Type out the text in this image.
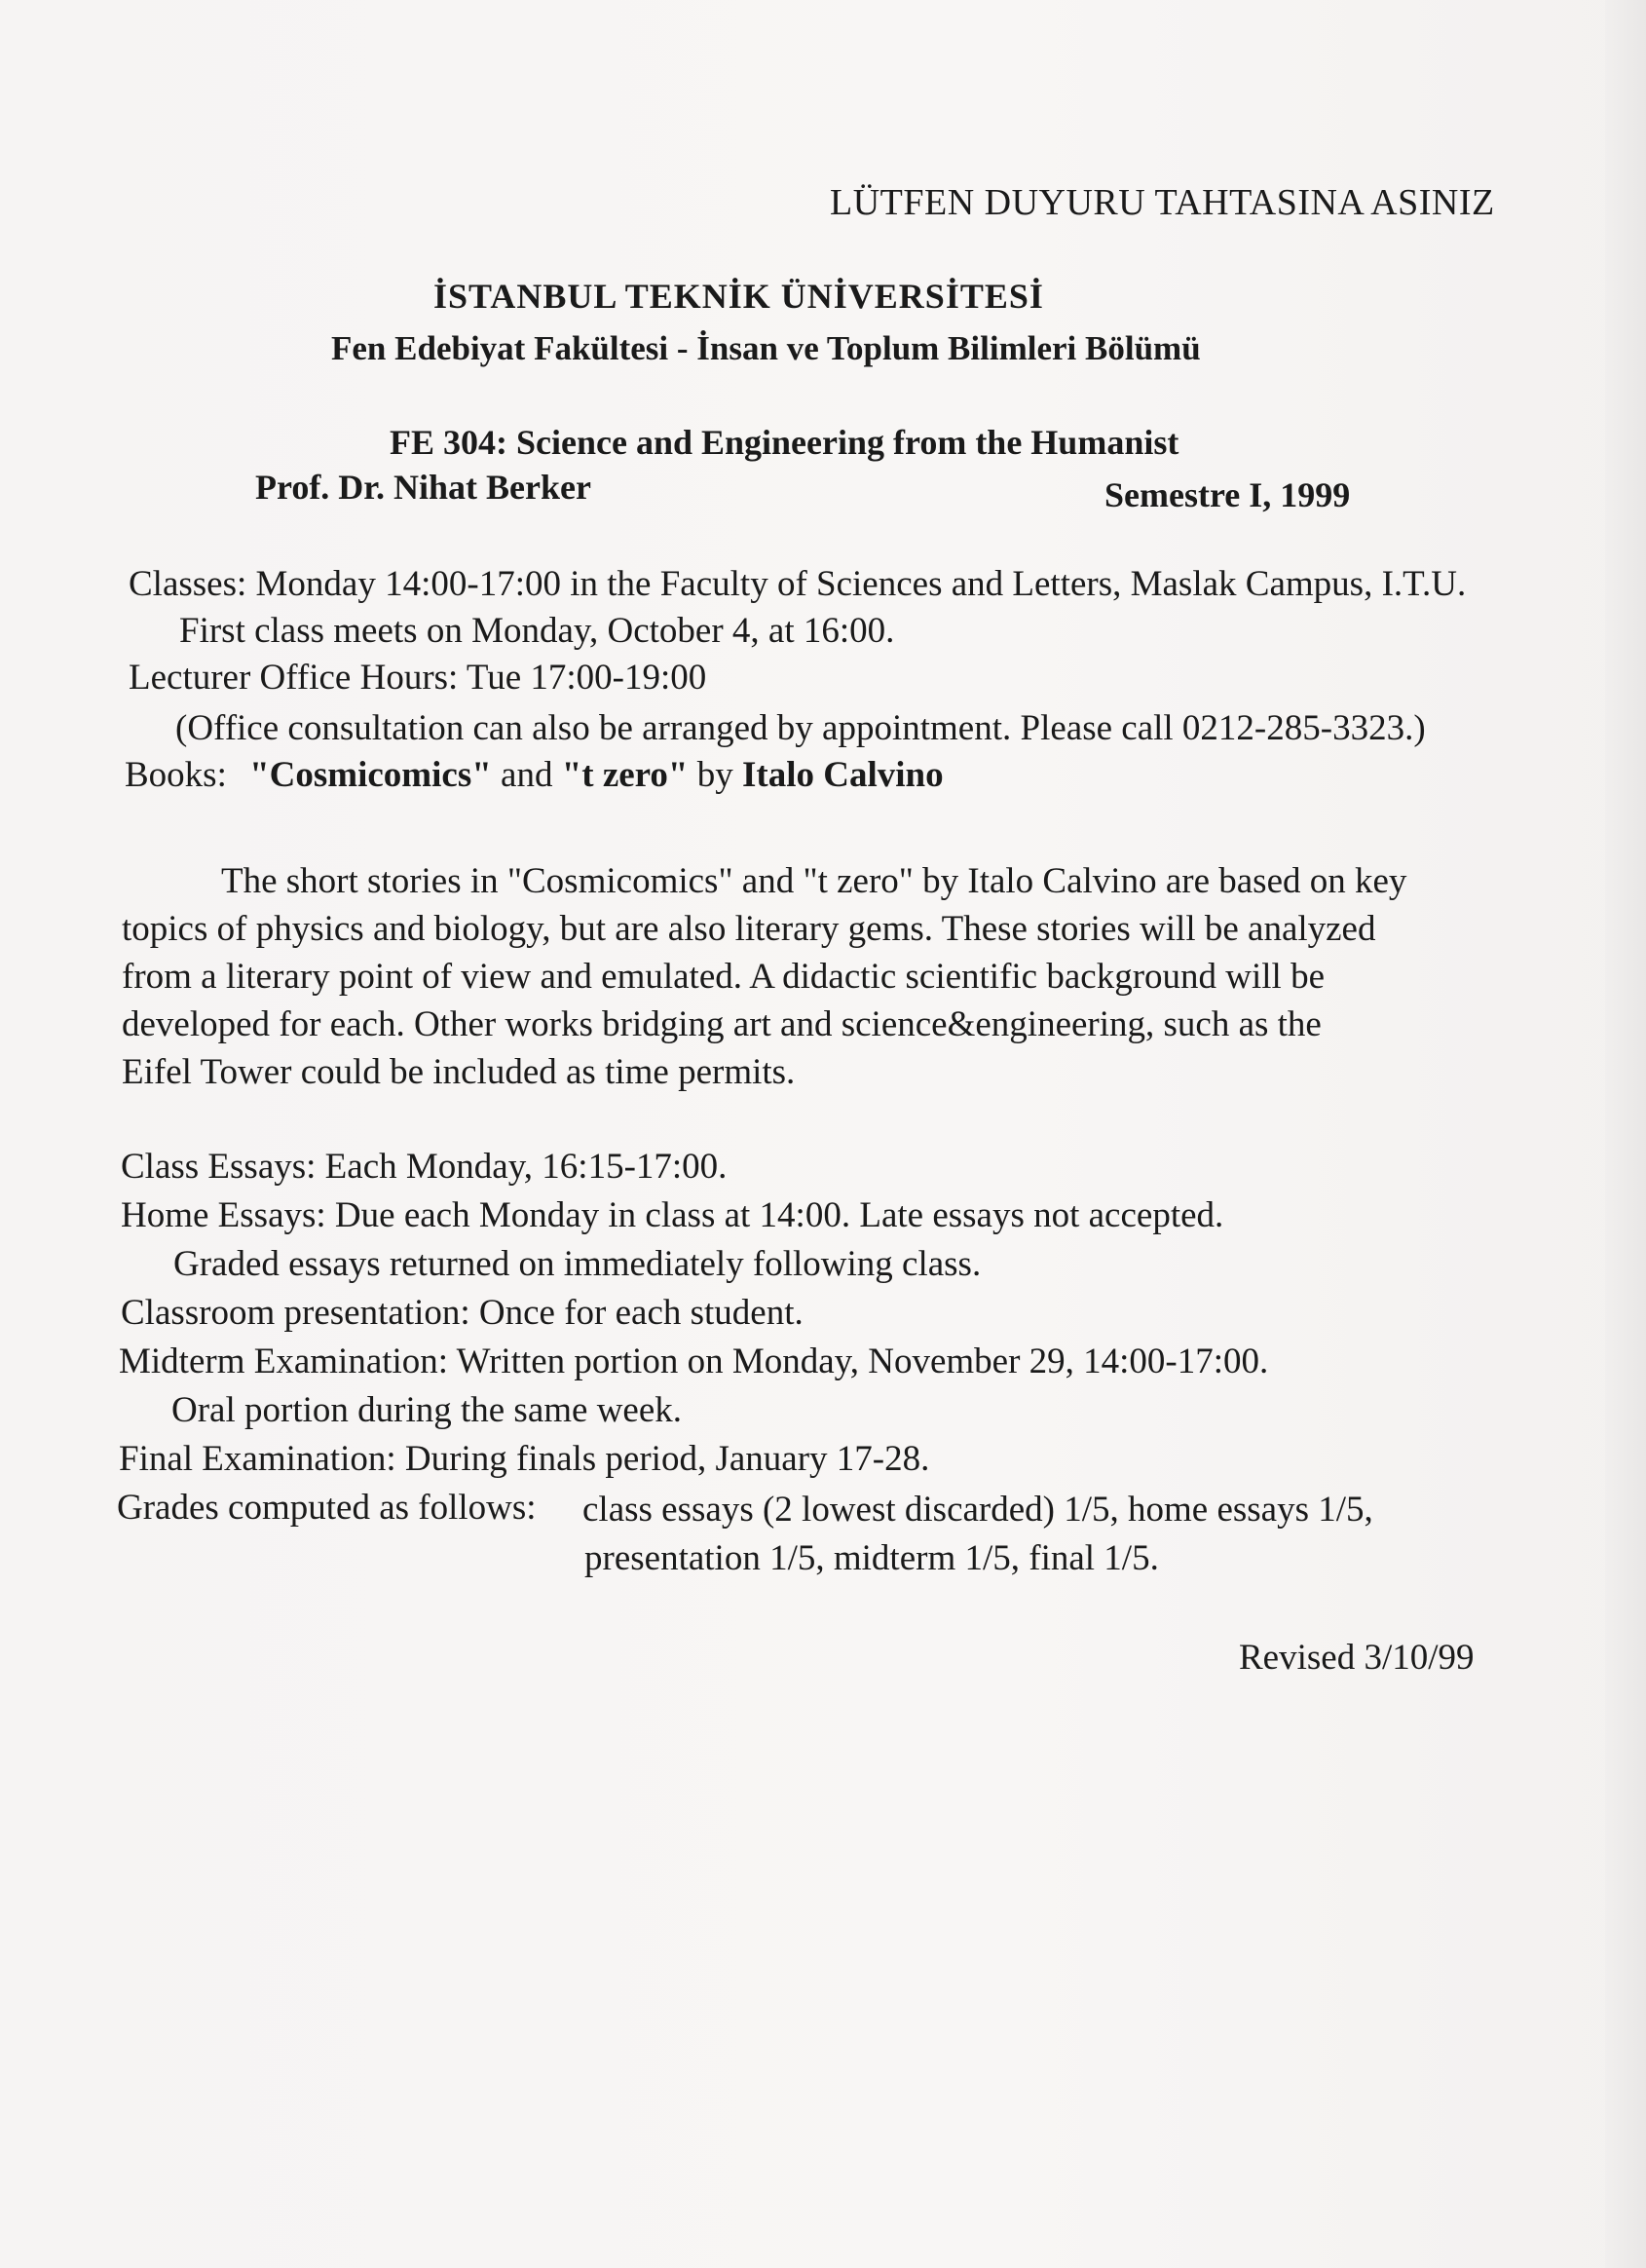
LÜTFEN DUYURU TAHTASINA ASINIZ
İSTANBUL TEKNİK ÜNİVERSİTESİ
Fen Edebiyat Fakültesi - İnsan ve Toplum Bilimleri Bölümü
FE 304: Science and Engineering from the Humanist
Prof. Dr. Nihat Berker	Semestre I, 1999
Classes: Monday 14:00-17:00 in the Faculty of Sciences and Letters, Maslak Campus, I.T.U.
First class meets on Monday, October 4, at 16:00.
Lecturer Office Hours: Tue 17:00-19:00
(Office consultation can also be arranged by appointment. Please call 0212-285-3323.)
Books: "Cosmicomics" and "t zero" by Italo Calvino

The short stories in "Cosmicomics" and "t zero" by Italo Calvino are based on key

topics of physics and biology, but are also literary gems. These stories will be analyzed

from a literary point of view and emulated. A didactic scientific background will be

developed for each. Other works bridging art and science&engineering, such as the

Eifel Tower could be included as time permits.

Class Essays: Each Monday, 16:15-17:00.
Home Essays: Due each Monday in class at 14:00. Late essays not accepted.
Graded essays returned on immediately following class.
Classroom presentation: Once for each student.
Midterm Examination: Written portion on Monday, November 29, 14:00-17:00.
Oral portion during the same week.
Final Examination: During finals period, January 17-28.
Grades computed as follows: class essays (2 lowest discarded) 1/5, home essays 1/5,
presentation 1/5, midterm 1/5, final 1/5.
Revised 3/10/99
